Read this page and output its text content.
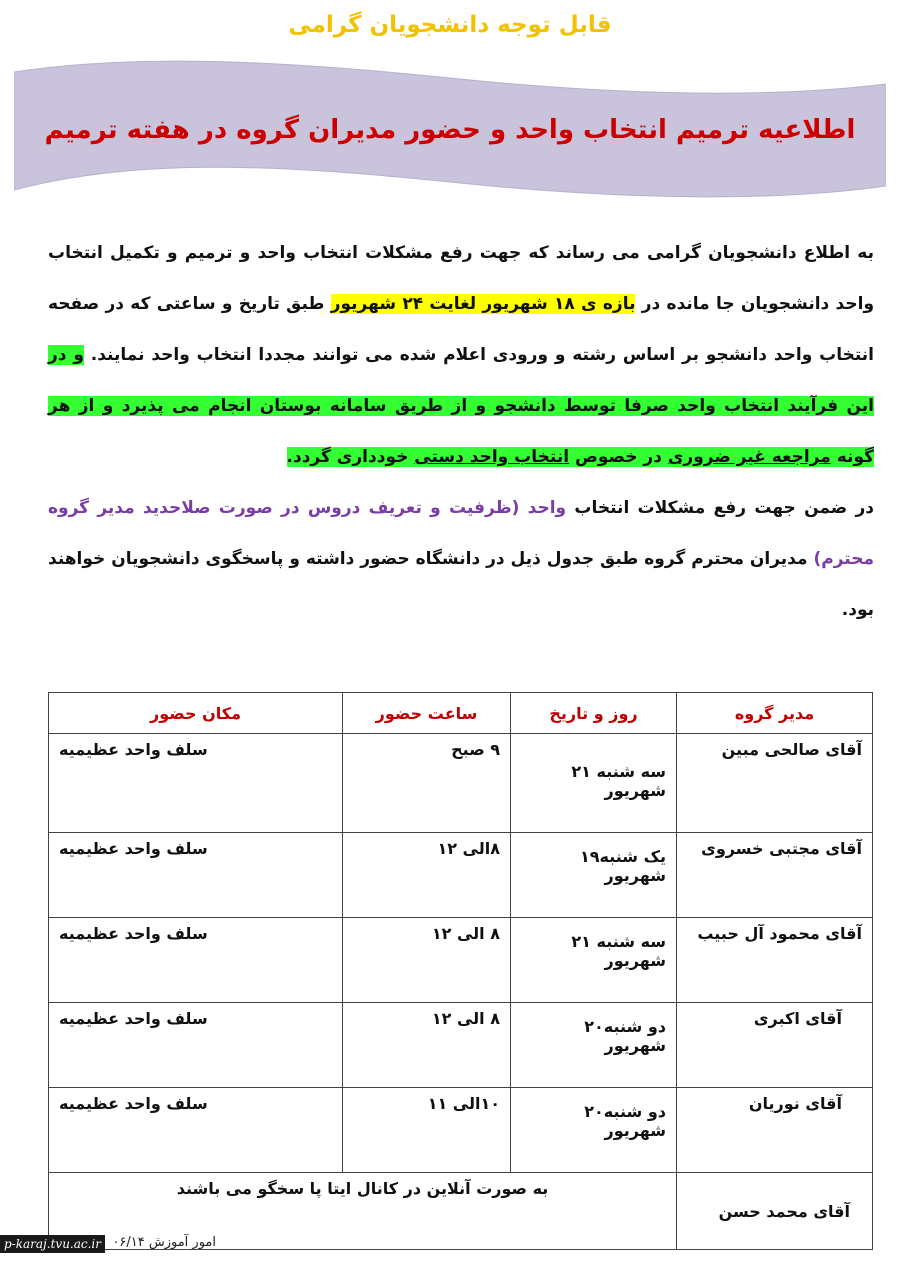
قابل توجه دانشجویان گرامی
اطلاعیه ترمیم انتخاب واحد و حضور مدیران گروه در هفته ترمیم
به اطلاع دانشجویان گرامی می رساند که جهت رفع مشکلات انتخاب واحد و ترمیم و تکمیل انتخاب واحد دانشجویان جا مانده در بازه ی ۱۸ شهریور لغایت ۲۴ شهریور طبق تاریخ و ساعتی که در صفحه انتخاب واحد دانشجو بر اساس رشته و ورودی اعلام شده می توانند مجددا انتخاب واحد نمایند. و در این فرآیند انتخاب واحد صرفا توسط دانشجو و از طریق سامانه بوستان انجام می پذیرد و از هر گونه مراجعه غیر ضروری در خصوص انتخاب واحد دستی خودداری گردد.
در ضمن جهت رفع مشکلات انتخاب واحد (ظرفیت و تعریف دروس در صورت صلاحدید مدیر گروه محترم) مدیران محترم گروه طبق جدول ذیل در دانشگاه حضور داشته و پاسخگوی دانشجویان خواهند بود.
مدیر گروه	روز و تاریخ	ساعت حضور	مکان حضور
آقای صالحی مبین	سه شنبه ۲۱ شهریور	۹ صبح	سلف واحد عظیمیه
آقای مجتبی خسروی	یک شنبه۱۹ شهریور	۸الی ۱۲	سلف واحد عظیمیه
آقای محمود آل حبیب	سه شنبه ۲۱ شهریور	۸ الی ۱۲	سلف واحد عظیمیه
آقای اکبری	دو شنبه۲۰ شهریور	۸ الی ۱۲	سلف واحد عظیمیه
آقای نوریان	دو شنبه۲۰ شهریور	۱۰الی ۱۱	سلف واحد عظیمیه
آقای محمد حسن	به صورت آنلاین در کانال ایتا پا سخگو می باشند		
p-karaj.tvu.ac.ir امور آموزش ۰۶/۱۴
